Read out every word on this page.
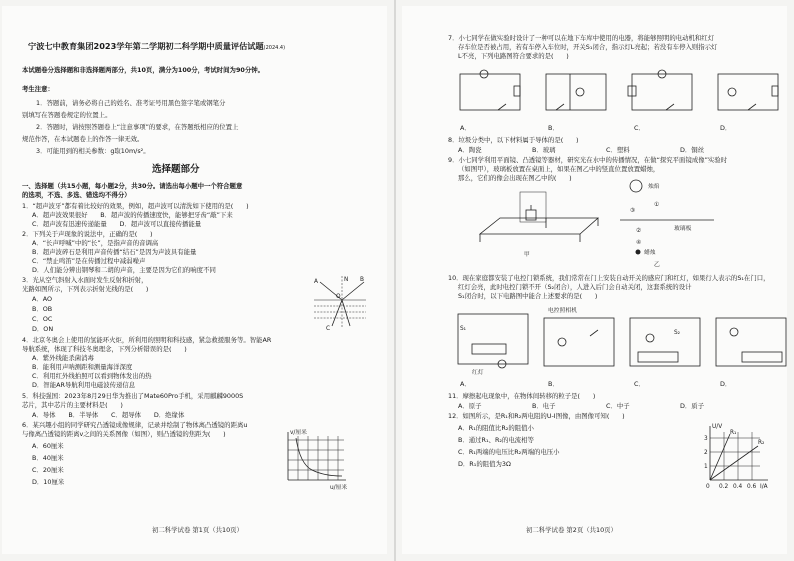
宁波七中教育集团2023学年第二学期初二科学期中质量评估试题(2024.4)
本试题卷分选择题和非选择题两部分，共10页，满分为100分，考试时间为90分钟。
考生注意：
1．答题前，请务必将自己的姓名、准考证号用黑色签字笔或钢笔分
别填写在答题卷规定的位置上。
2．答题时，请按照答题卷上“注意事项”的要求，在答题纸相应的位置上
规范作答，在本试题卷上的作答一律无效。
3．可能用到的相关参数：g取10m/s²。
选择题部分
一、选择题（共15小题，每小题2分，共30分。请选出每小题中一个符合题意
的选项，不选、多选、错选均不得分）
1．“超声波牙”都有着比较好的效果，例如，超声波可以清洗如下使用的是(　　)
A．超声波效果很好　　B．超声波的传播速度快，能够把牙齿“敲”下来
C．超声波有迅速传递能量　　D．超声波可以直接传播能量
2．下列关于声现象的说法中，正确的是(　　)
A．“长声呼喊”中的“长”，是指声音的音调高
B．超声波碎石是利用声音传播“结石”是因为声波具有能量
C．“禁止鸣笛”是在传播过程中减弱噪声
D．人们能分辨出钢琴和二胡的声音，主要是因为它们的响度不同
3．光从空气斜射入水面时发生反射和折射，
光路如图所示，下列表示折射光线的是(　　)
A．AO
B．OB
C．OC
D．ON
N
A
O
B
C
4．北京冬奥会上使用的氢能环火炬，所利用的照明和科技感，紧急救援服务等。智能AR
导航系统，体现了科技冬奥理念，下列分析错误的是(　　)
A．紫外线能杀菌消毒
B．能利用声呐测距和测量海洋深度
C．利用红外线拍照可以看到物体发出的热
D．智能AR导航利用电磁波传递信息
5．科技强国：2023年8月29日华为推出了Mate60Pro手机，采用麒麟9000S
芯片，其中芯片的主要材料是(　　)
A．导体　　B．半导体　　C．超导体　　D．绝缘体
6．某兴趣小组的同学研究凸透镜成像规律，记录并绘制了物体离凸透镜的距离u
与像离凸透镜的距离v之间的关系图像（如图），则凸透镜的焦距为(　　)
A．60厘米
B．40厘米
C．20厘米
D．10厘米
v/厘米
u/厘米
初二科学试卷 第1页（共10页）
7．小七同学在做实验时设计了一种可以在地下车库中使用的电器，将能够照明的电动机和红灯
存车位是否被占用，若有车停入车位时，开关S₁闭合，指示灯L亮起；若没有车停入则指示灯
L不亮，下列电路图符合要求的是(　　)
A．	B．	C．	D．
8．垃圾分类中，以下材料属于导体的是(　　)
A．陶瓷	B．玻璃	C．塑料	D．铜丝
9．小七同学利用平面镜、凸透镜等器材，研究光在水中的传播情况，在做“探究平面镜成像”实验时
（如图甲），玻璃板放置在桌面上，如果在图乙中的竖直位置放置蜡烛，
那么，它们的像会出现在图乙中的(　　)
甲
烛焰
玻璃板
③
①
②
④
蜡烛
乙
10．现在家庭都安装了电控门锁系统，我们常常在门上安装自动开关的感应门和红灯，如果行人表示的S₁在门口，
红灯会亮，此时电控门锁不开（S₂闭合），人进入后门会自动关闭，这套系统的设计
S₁闭合时，以下电路图中能合上述要求的是(　　)
S₁
红灯
电控照相机
S₂
A．	B．	C．	D．
11．摩擦起电现象中，在物体间转移的粒子是(　　)
A．原子	B．电子	C．中子	D．质子
12．如图所示，是R₁和R₂两电阻的U-I图像，由图像可知(　　)
A．R₁的阻值比R₂的阻值小
B．通过R₁、R₂的电流相等
C．R₁两端的电压比R₂两端的电压小
D．R₁的阻值为3Ω
U/V
R₁
R₂
3
2
1
0 0.2 0.4 0.6 I/A
初二科学试卷 第2页（共10页）
